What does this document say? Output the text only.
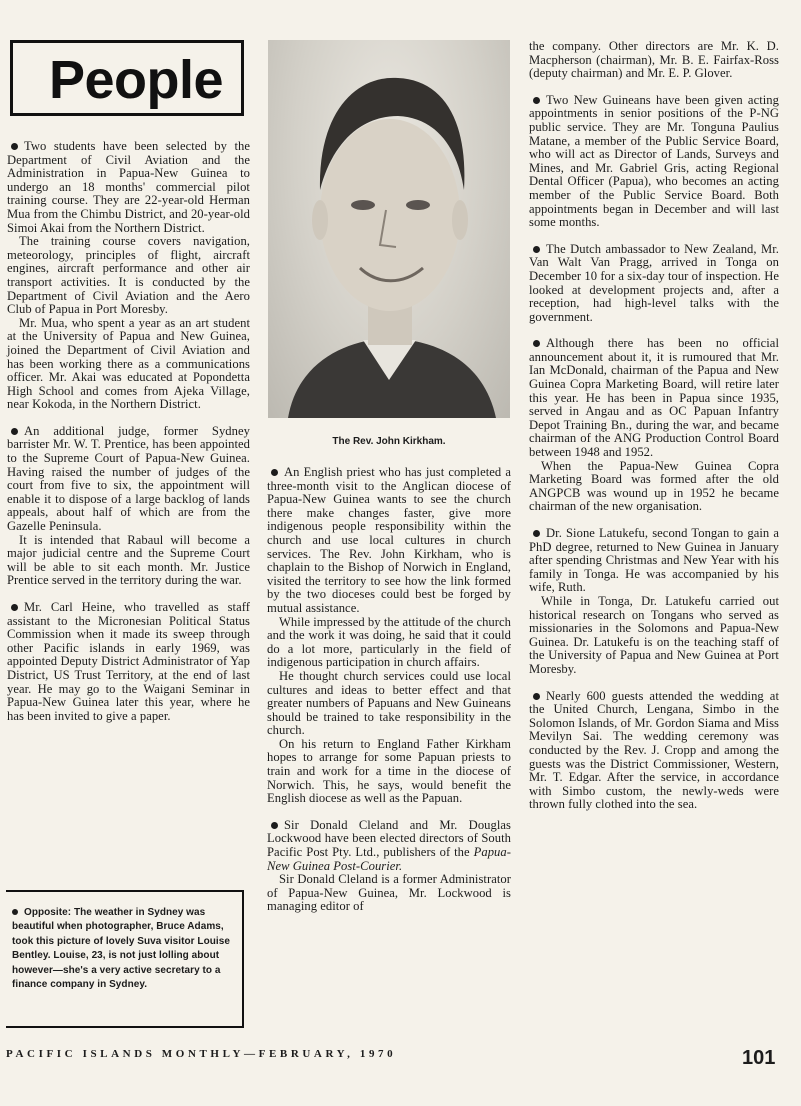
People

Two students have been selected by the Department of Civil Aviation and the Administration in Papua-New Guinea to undergo an 18 months' commercial pilot training course. They are 22-year-old Herman Mua from the Chimbu District, and 20-year-old Simoi Akai from the Northern District.

The training course covers navigation, meteorology, principles of flight, aircraft engines, aircraft performance and other air transport activities. It is conducted by the Department of Civil Aviation and the Aero Club of Papua in Port Moresby.

Mr. Mua, who spent a year as an art student at the University of Papua and New Guinea, joined the Department of Civil Aviation and has been working there as a communications officer. Mr. Akai was educated at Popondetta High School and comes from Ajeka Village, near Kokoda, in the Northern District.

An additional judge, former Sydney barrister Mr. W. T. Prentice, has been appointed to the Supreme Court of Papua-New Guinea. Having raised the number of judges of the court from five to six, the appointment will enable it to dispose of a large backlog of lands appeals, about half of which are from the Gazelle Peninsula.

It is intended that Rabaul will become a major judicial centre and the Supreme Court will be able to sit each month. Mr. Justice Prentice served in the territory during the war.

Mr. Carl Heine, who travelled as staff assistant to the Micronesian Political Status Commission when it made its sweep through other Pacific islands in early 1969, was appointed Deputy District Administrator of Yap District, US Trust Territory, at the end of last year. He may go to the Waigani Seminar in Papua-New Guinea later this year, where he has been invited to give a paper.

Opposite: The weather in Sydney was beautiful when photographer, Bruce Adams, took this picture of lovely Suva visitor Louise Bentley. Louise, 23, is not just lolling about however—she's a very active secretary to a finance company in Sydney.

The Rev. John Kirkham.

An English priest who has just completed a three-month visit to the Anglican diocese of Papua-New Guinea wants to see the church there make changes faster, give more indigenous people responsibility within the church and use local cultures in church services. The Rev. John Kirkham, who is chaplain to the Bishop of Norwich in England, visited the territory to see how the link formed by the two dioceses could best be forged by mutual assistance.

While impressed by the attitude of the church and the work it was doing, he said that it could do a lot more, particularly in the field of indigenous participation in church affairs.

He thought church services could use local cultures and ideas to better effect and that greater numbers of Papuans and New Guineans should be trained to take responsibility in the church.

On his return to England Father Kirkham hopes to arrange for some Papuan priests to train and work for a time in the diocese of Norwich. This, he says, would benefit the English diocese as well as the Papuan.

Sir Donald Cleland and Mr. Douglas Lockwood have been elected directors of South Pacific Post Pty. Ltd., publishers of the Papua-New Guinea Post-Courier.

Sir Donald Cleland is a former Administrator of Papua-New Guinea, Mr. Lockwood is managing editor of

the company. Other directors are Mr. K. D. Macpherson (chairman), Mr. B. E. Fairfax-Ross (deputy chairman) and Mr. E. P. Glover.

Two New Guineans have been given acting appointments in senior positions of the P-NG public service. They are Mr. Tonguna Paulius Matane, a member of the Public Service Board, who will act as Director of Lands, Surveys and Mines, and Mr. Gabriel Gris, acting Regional Dental Officer (Papua), who becomes an acting member of the Public Service Board. Both appointments began in December and will last some months.

The Dutch ambassador to New Zealand, Mr. Van Walt Van Pragg, arrived in Tonga on December 10 for a six-day tour of inspection. He looked at development projects and, after a reception, had high-level talks with the government.

Although there has been no official announcement about it, it is rumoured that Mr. Ian McDonald, chairman of the Papua and New Guinea Copra Marketing Board, will retire later this year. He has been in Papua since 1935, served in Angau and as OC Papuan Infantry Depot Training Bn., during the war, and became chairman of the ANG Production Control Board between 1948 and 1952.

When the Papua-New Guinea Copra Marketing Board was formed after the old ANGPCB was wound up in 1952 he became chairman of the new organisation.

Dr. Sione Latukefu, second Tongan to gain a PhD degree, returned to New Guinea in January after spending Christmas and New Year with his family in Tonga. He was accompanied by his wife, Ruth.

While in Tonga, Dr. Latukefu carried out historical research on Tongans who served as missionaries in the Solomons and Papua-New Guinea. Dr. Latukefu is on the teaching staff of the University of Papua and New Guinea at Port Moresby.

Nearly 600 guests attended the wedding at the United Church, Lengana, Simbo in the Solomon Islands, of Mr. Gordon Siama and Miss Mevilyn Sai. The wedding ceremony was conducted by the Rev. J. Cropp and among the guests was the District Commissioner, Western, Mr. T. Edgar. After the service, in accordance with Simbo custom, the newly-weds were thrown fully clothed into the sea.

PACIFIC ISLANDS MONTHLY—FEBRUARY, 1970	101
